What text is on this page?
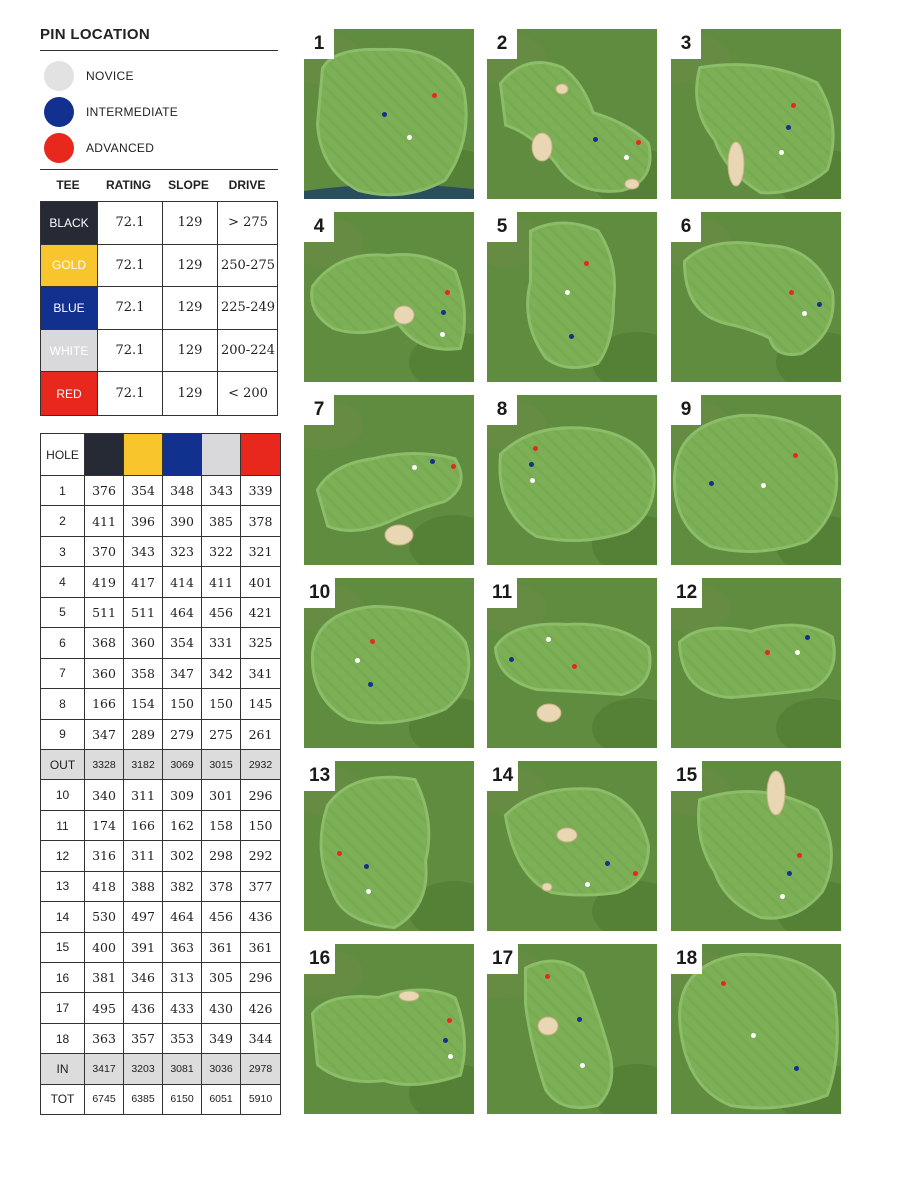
PIN LOCATION
NOVICE
INTERMEDIATE
ADVANCED
TEE	RATING	SLOPE	DRIVE
BLACK	72.1	129	> 275
GOLD	72.1	129	250-275
BLUE	72.1	129	225-249
WHITE	72.1	129	200-224
RED	72.1	129	< 200
HOLE					
1	376	354	348	343	339
2	411	396	390	385	378
3	370	343	323	322	321
4	419	417	414	411	401
5	511	511	464	456	421
6	368	360	354	331	325
7	360	358	347	342	341
8	166	154	150	150	145
9	347	289	279	275	261
OUT	3328	3182	3069	3015	2932
10	340	311	309	301	296
11	174	166	162	158	150
12	316	311	302	298	292
13	418	388	382	378	377
14	530	497	464	456	436
15	400	391	363	361	361
16	381	346	313	305	296
17	495	436	433	430	426
18	363	357	353	349	344
IN	3417	3203	3081	3036	2978
TOT	6745	6385	6150	6051	5910
1	2	3
4	5	6
7	8	9
10	11	12
13	14	15
16	17	18
